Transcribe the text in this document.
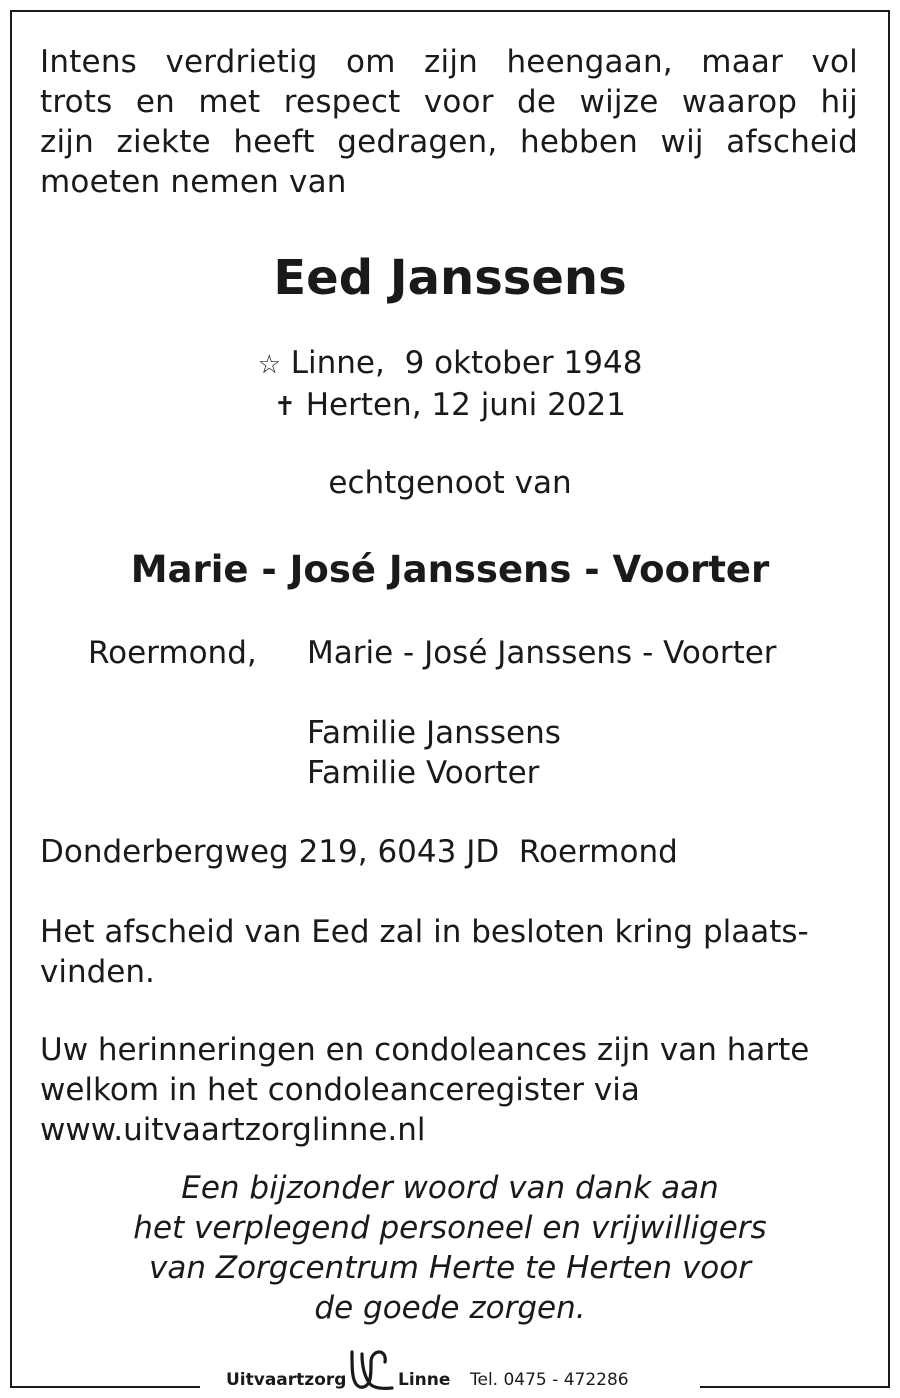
Intens verdrietig om zijn heengaan, maar vol
trots en met respect voor de wijze waarop hij
zijn ziekte heeft gedragen, hebben wij afscheid
moeten nemen van
Eed Janssens
☆ Linne,  9 oktober 1948
✝ Herten, 12 juni 2021
echtgenoot van
Marie - José Janssens - Voorter
Roermond, Marie - José Janssens - Voorter
Familie Janssens
Familie Voorter
Donderbergweg 219, 6043 JD  Roermond
Het afscheid van Eed zal in besloten kring plaats-
vinden.
Uw herinneringen en condoleances zijn van harte
welkom in het condoleanceregister via
www.uitvaartzorglinne.nl
Een bijzonder woord van dank aan
het verplegend personeel en vrijwilligers
van Zorgcentrum Herte te Herten voor
de goede zorgen.
Uitvaartzorg	Linne Tel. 0475 - 472286
